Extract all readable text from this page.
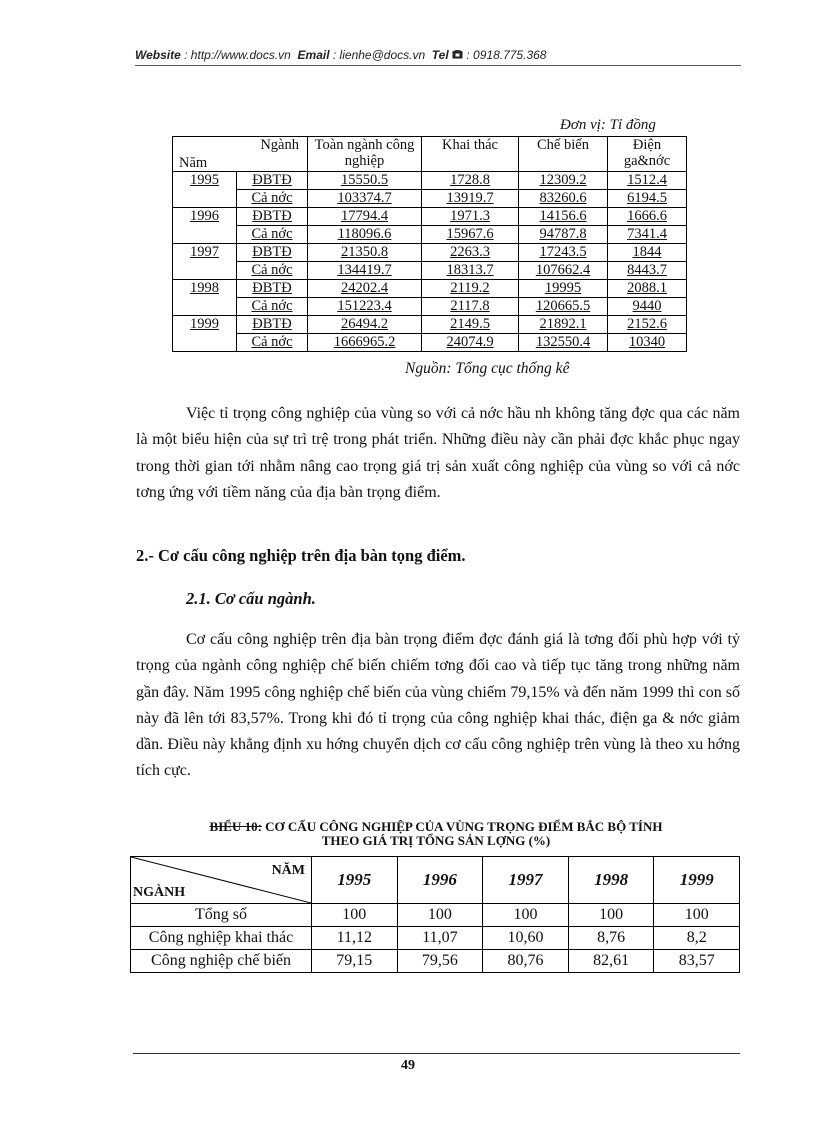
Website : http://www.docs.vn Email : lienhe@docs.vn Tel : 0918.775.368
Đơn vị: Tỉ đồng
Ngành
Năm		Toàn ngành công nghiệp	Khai thác	Chế biến	Điện ga&nớc
1995	ĐBTĐ	15550.5	1728.8	12309.2	1512.4
	Cả nớc	103374.7	13919.7	83260.6	6194.5
1996	ĐBTĐ	17794.4	1971.3	14156.6	1666.6
	Cả nớc	118096.6	15967.6	94787.8	7341.4
1997	ĐBTĐ	21350.8	2263.3	17243.5	1844
	Cả nớc	134419.7	18313.7	107662.4	8443.7
1998	ĐBTĐ	24202.4	2119.2	19995	2088.1
	Cả nớc	151223.4	2117.8	120665.5	9440
1999	ĐBTĐ	26494.2	2149.5	21892.1	2152.6
	Cả nớc	1666965.2	24074.9	132550.4	10340
Nguồn: Tổng cục thống kê

Việc tỉ trọng công nghiệp của vùng so với cả nớc hầu nh không tăng đợc qua các năm là một biểu hiện của sự trì trệ trong phát triển. Những điều này cần phải đợc khắc phục ngay trong thời gian tới nhằm nâng cao trọng giá trị sản xuất công nghiệp của vùng so với cả nớc tơng ứng với tiềm năng của địa bàn trọng điểm.

2.- Cơ cấu công nghiệp trên địa bàn tọng điểm.
2.1. Cơ cấu ngành.

Cơ cấu công nghiệp trên địa bàn trọng điểm đợc đánh giá là tơng đối phù hợp với tỷ trọng của ngành công nghiệp chế biến chiếm tơng đối cao và tiếp tục tăng trong những năm gần đây. Năm 1995 công nghiệp chế biến của vùng chiếm 79,15% và đến năm 1999 thì con số này đã lên tới 83,57%. Trong khi đó tỉ trọng của công nghiệp khai thác, điện ga & nớc giảm dần. Điều này khẳng định xu hớng chuyển dịch cơ cấu công nghiệp trên vùng là theo xu hớng tích cực.

BIỂU 10: CƠ CẤU CÔNG NGHIỆP CỦA VÙNG TRỌNG ĐIỂM BẮC BỘ TÍNH
THEO GIÁ TRỊ TỔNG SẢN LỢNG (%)
NĂM
NGÀNH	1995	1996	1997	1998	1999
Tổng số	100	100	100	100	100
Công nghiệp khai thác	11,12	11,07	10,60	8,76	8,2
Công nghiệp chế biến	79,15	79,56	80,76	82,61	83,57
49
